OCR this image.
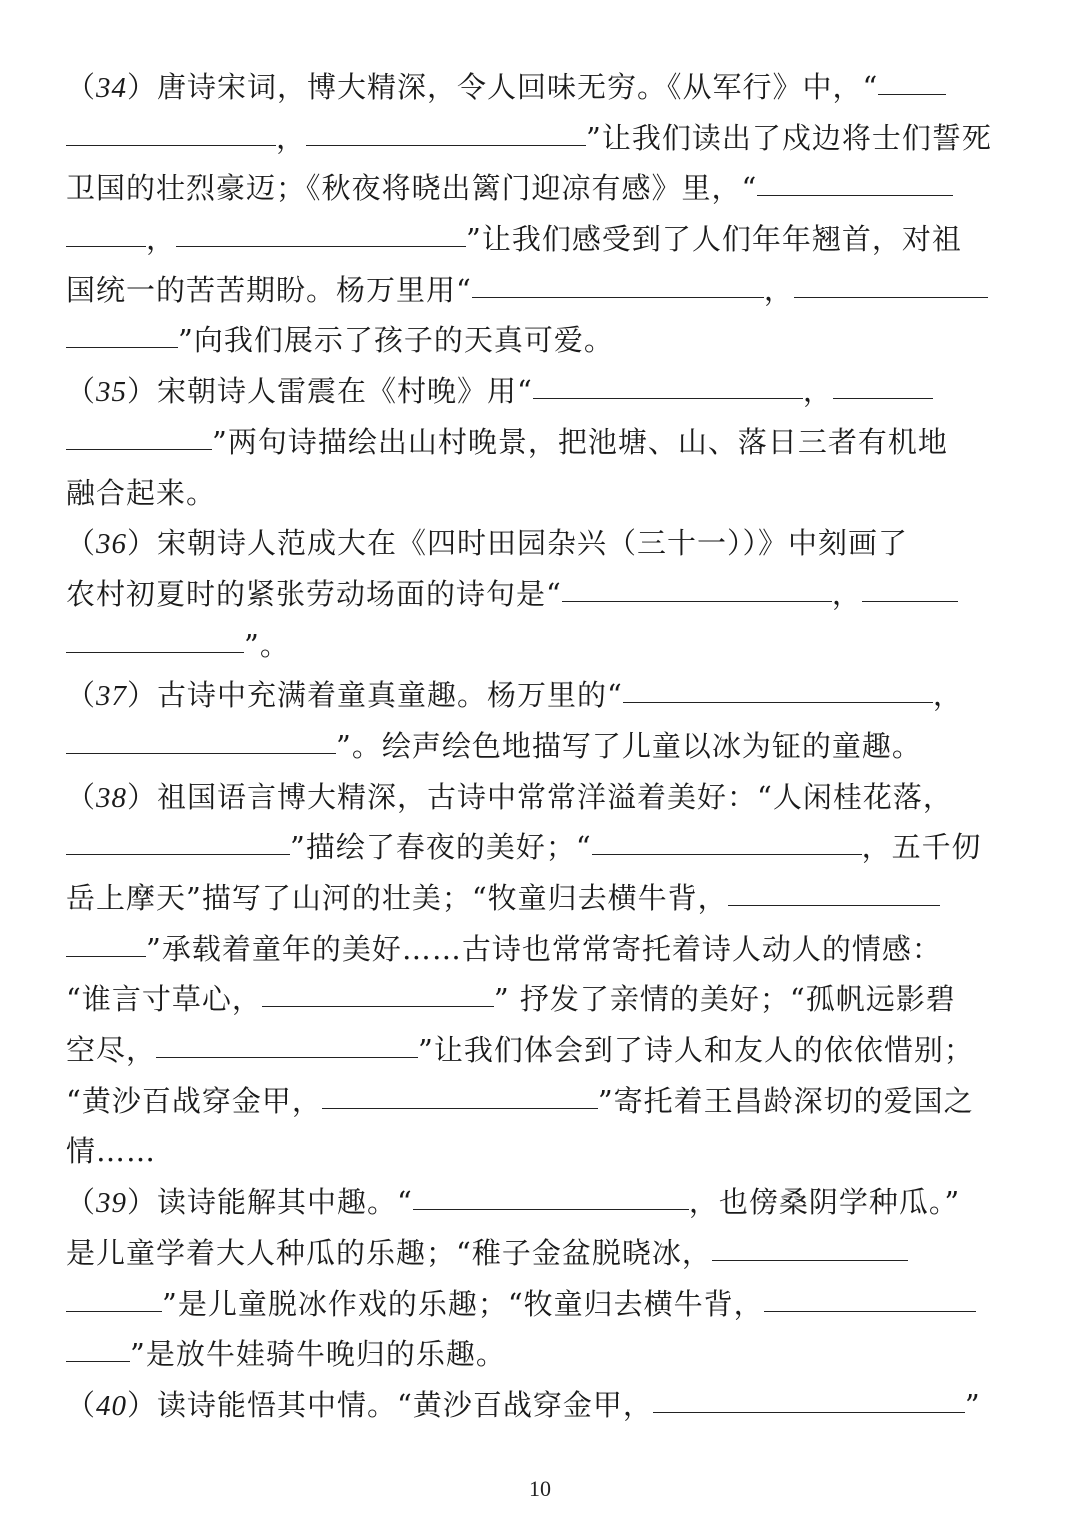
（34）唐诗宋词，博大精深，令人回味无穷。《从军行》中，“
，	”让我们读出了戍边将士们誓死
卫国的壮烈豪迈；《秋夜将晓出篱门迎凉有感》里，“
，	”让我们感受到了人们年年翘首，对祖
国统一的苦苦期盼。杨万里用“	，
”向我们展示了孩子的天真可爱。
（35）宋朝诗人雷震在《村晚》用“	，
”两句诗描绘出山村晚景，把池塘、山、落日三者有机地
融合起来。
（36）宋朝诗人范成大在《四时田园杂兴（三十一））》中刻画了
农村初夏时的紧张劳动场面的诗句是“	，
”。
（37）古诗中充满着童真童趣。杨万里的“	，
”。绘声绘色地描写了儿童以冰为钲的童趣。
（38）祖国语言博大精深，古诗中常常洋溢着美好：“人闲桂花落，
”描绘了春夜的美好；“	，五千仞
岳上摩天”描写了山河的壮美；“牧童归去横牛背，
”承载着童年的美好……古诗也常常寄托着诗人动人的情感：
“谁言寸草心，	” 抒发了亲情的美好；“孤帆远影碧
空尽，	”让我们体会到了诗人和友人的依依惜别；
“黄沙百战穿金甲，	”寄托着王昌龄深切的爱国之
情……
（39）读诗能解其中趣。“	，也傍桑阴学种瓜。”
是儿童学着大人种瓜的乐趣；“稚子金盆脱晓冰，
”是儿童脱冰作戏的乐趣；“牧童归去横牛背，
”是放牛娃骑牛晚归的乐趣。
（40）读诗能悟其中情。“黄沙百战穿金甲，	”
10
